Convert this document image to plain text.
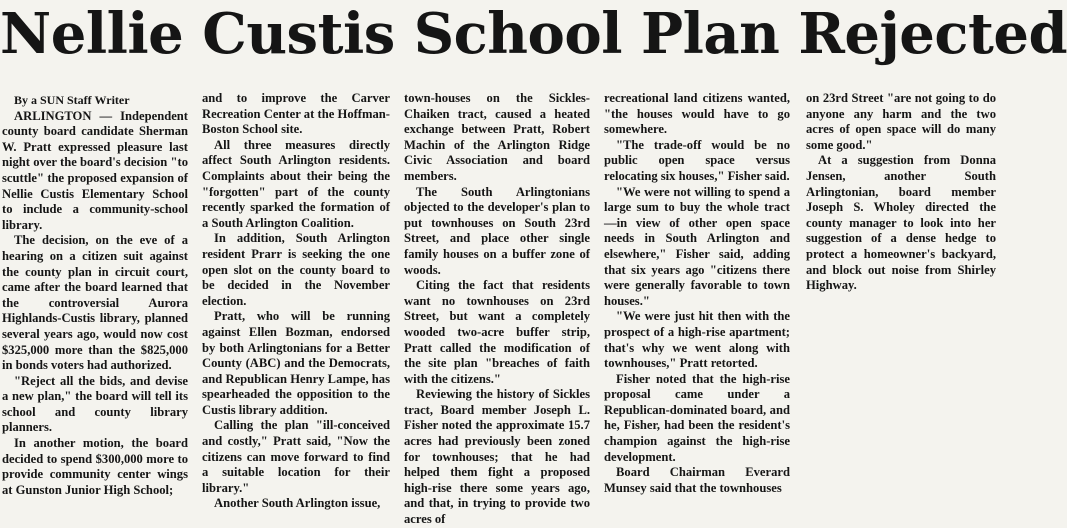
Nellie Custis School Plan Rejected

By a SUN Staff Writer

ARLINGTON — Independent county board candidate Sherman W. Pratt expressed pleasure last night over the board's decision "to scuttle" the proposed expansion of Nellie Custis Elementary School to include a community-school library.

The decision, on the eve of a hearing on a citizen suit against the county plan in circuit court, came after the board learned that the controversial Aurora Highlands-Custis library, planned several years ago, would now cost $325,000 more than the $825,000 in bonds voters had authorized.

"Reject all the bids, and devise a new plan," the board will tell its school and county library planners.

In another motion, the board decided to spend $300,000 more to provide community center wings at Gunston Junior High School;

and to improve the Carver Recreation Center at the Hoffman-Boston School site.

All three measures directly affect South Arlington residents. Complaints about their being the "forgotten" part of the county recently sparked the formation of a South Arlington Coalition.

In addition, South Arlington resident Prarr is seeking the one open slot on the county board to be decided in the November election.

Pratt, who will be running against Ellen Bozman, endorsed by both Arlingtonians for a Better County (ABC) and the Democrats, and Republican Henry Lampe, has spearheaded the opposition to the Custis library addition.

Calling the plan "ill-conceived and costly," Pratt said, "Now the citizens can move forward to find a suitable location for their library."

Another South Arlington issue,

town-houses on the Sickles-Chaiken tract, caused a heated exchange between Pratt, Robert Machin of the Arlington Ridge Civic Association and board members.

The South Arlingtonians objected to the developer's plan to put townhouses on South 23rd Street, and place other single family houses on a buffer zone of woods.

Citing the fact that residents want no townhouses on 23rd Street, but want a completely wooded two-acre buffer strip, Pratt called the modification of the site plan "breaches of faith with the citizens."

Reviewing the history of Sickles tract, Board member Joseph L. Fisher noted the approximate 15.7 acres had previously been zoned for townhouses; that he had helped them fight a proposed high-rise there some years ago, and that, in trying to provide two acres of

recreational land citizens wanted, "the houses would have to go somewhere.

"The trade-off would be no public open space versus relocating six houses," Fisher said.

"We were not willing to spend a large sum to buy the whole tract—in view of other open space needs in South Arlington and elsewhere," Fisher said, adding that six years ago "citizens there were generally favorable to town houses."

"We were just hit then with the prospect of a high-rise apartment; that's why we went along with townhouses," Pratt retorted.

Fisher noted that the high-rise proposal came under a Republican-dominated board, and he, Fisher, had been the resident's champion against the high-rise development.

Board Chairman Everard Munsey said that the townhouses

on 23rd Street "are not going to do anyone any harm and the two acres of open space will do many some good."

At a suggestion from Donna Jensen, another South Arlingtonian, board member Joseph S. Wholey directed the county manager to look into her suggestion of a dense hedge to protect a homeowner's backyard, and block out noise from Shirley Highway.
